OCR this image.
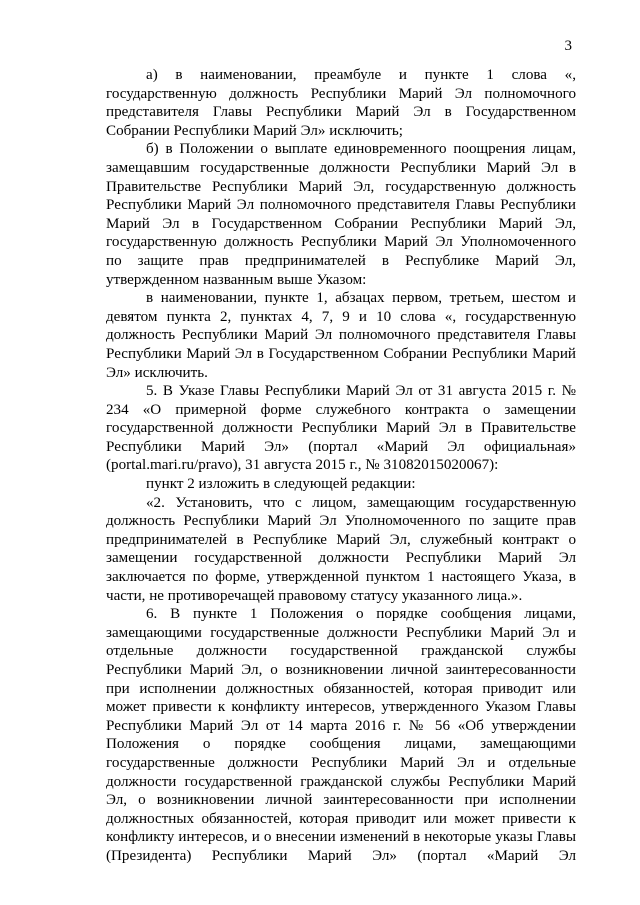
3

а) в наименовании, преамбуле и пункте 1 слова «, государственную должность Республики Марий Эл полномочного представителя Главы Республики Марий Эл в Государственном Собрании Республики Марий Эл» исключить;

б) в Положении о выплате единовременного поощрения лицам, замещавшим государственные должности Республики Марий Эл в Правительстве Республики Марий Эл, государственную должность Республики Марий Эл полномочного представителя Главы Республики Марий Эл в Государственном Собрании Республики Марий Эл, государственную должность Республики Марий Эл Уполномоченного по защите прав предпринимателей в Республике Марий Эл, утвержденном названным выше Указом:

в наименовании, пункте 1, абзацах первом, третьем, шестом и девятом пункта 2, пунктах 4, 7, 9 и 10 слова «, государственную должность Республики Марий Эл полномочного представителя Главы Республики Марий Эл в Государственном Собрании Республики Марий Эл» исключить.

5. В Указе Главы Республики Марий Эл от 31 августа 2015 г. № 234 «О примерной форме служебного контракта о замещении государственной должности Республики Марий Эл в Правительстве Республики Марий Эл» (портал «Марий Эл официальная» (portal.mari.ru/pravo), 31 августа 2015 г., № 31082015020067):

пункт 2 изложить в следующей редакции:

«2. Установить, что с лицом, замещающим государственную должность Республики Марий Эл Уполномоченного по защите прав предпринимателей в Республике Марий Эл, служебный контракт о замещении государственной должности Республики Марий Эл заключается по форме, утвержденной пунктом 1 настоящего Указа, в части, не противоречащей правовому статусу указанного лица.».

6. В пункте 1 Положения о порядке сообщения лицами, замещающими государственные должности Республики Марий Эл и отдельные должности государственной гражданской службы Республики Марий Эл, о возникновении личной заинтересованности при исполнении должностных обязанностей, которая приводит или может привести к конфликту интересов, утвержденного Указом Главы Республики Марий Эл от 14 марта 2016 г. № 56 «Об утверждении Положения о порядке сообщения лицами, замещающими государственные должности Республики Марий Эл и отдельные должности государственной гражданской службы Республики Марий Эл, о возникновении личной заинтересованности при исполнении должностных обязанностей, которая приводит или может привести к конфликту интересов, и о внесении изменений в некоторые указы Главы (Президента) Республики Марий Эл» (портал «Марий Эл
